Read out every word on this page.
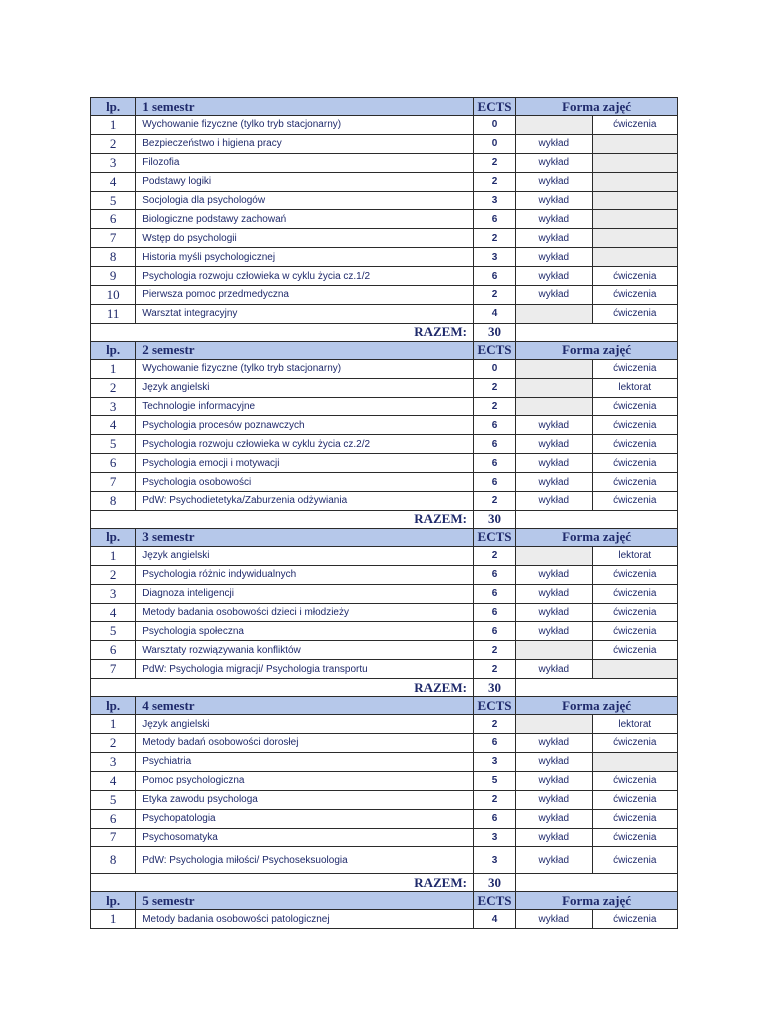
lp.	1 semestr	ECTS	Forma zajęć	
1	Wychowanie fizyczne (tylko tryb stacjonarny)	0		ćwiczenia
2	Bezpieczeństwo i higiena pracy	0	wykład	
3	Filozofia	2	wykład	
4	Podstawy logiki	2	wykład	
5	Socjologia dla psychologów	3	wykład	
6	Biologiczne podstawy zachowań	6	wykład	
7	Wstęp do psychologii	2	wykład	
8	Historia myśli psychologicznej	3	wykład	
9	Psychologia rozwoju człowieka w cyklu życia cz.1/2	6	wykład	ćwiczenia
10	Pierwsza pomoc przedmedyczna	2	wykład	ćwiczenia
11	Warsztat integracyjny	4		ćwiczenia
RAZEM:		30		
lp.	2 semestr	ECTS	Forma zajęć	
1	Wychowanie fizyczne (tylko tryb stacjonarny)	0		ćwiczenia
2	Język angielski	2		lektorat
3	Technologie informacyjne	2		ćwiczenia
4	Psychologia procesów poznawczych	6	wykład	ćwiczenia
5	Psychologia rozwoju człowieka w cyklu życia cz.2/2	6	wykład	ćwiczenia
6	Psychologia emocji i motywacji	6	wykład	ćwiczenia
7	Psychologia osobowości	6	wykład	ćwiczenia
8	PdW: Psychodietetyka/Zaburzenia odżywiania	2	wykład	ćwiczenia
RAZEM:		30		
lp.	3 semestr	ECTS	Forma zajęć	
1	Język angielski	2		lektorat
2	Psychologia różnic indywidualnych	6	wykład	ćwiczenia
3	Diagnoza inteligencji	6	wykład	ćwiczenia
4	Metody badania osobowości dzieci i młodzieży	6	wykład	ćwiczenia
5	Psychologia społeczna	6	wykład	ćwiczenia
6	Warsztaty rozwiązywania konfliktów	2		ćwiczenia
7	PdW: Psychologia migracji/ Psychologia transportu	2	wykład	
RAZEM:		30		
lp.	4 semestr	ECTS	Forma zajęć	
1	Język angielski	2		lektorat
2	Metody badań osobowości dorosłej	6	wykład	ćwiczenia
3	Psychiatria	3	wykład	
4	Pomoc psychologiczna	5	wykład	ćwiczenia
5	Etyka zawodu psychologa	2	wykład	ćwiczenia
6	Psychopatologia	6	wykład	ćwiczenia
7	Psychosomatyka	3	wykład	ćwiczenia
8	PdW: Psychologia miłości/ Psychoseksuologia	3	wykład	ćwiczenia
RAZEM:		30		
lp.	5 semestr	ECTS	Forma zajęć	
1	Metody badania osobowości patologicznej	4	wykład	ćwiczenia
